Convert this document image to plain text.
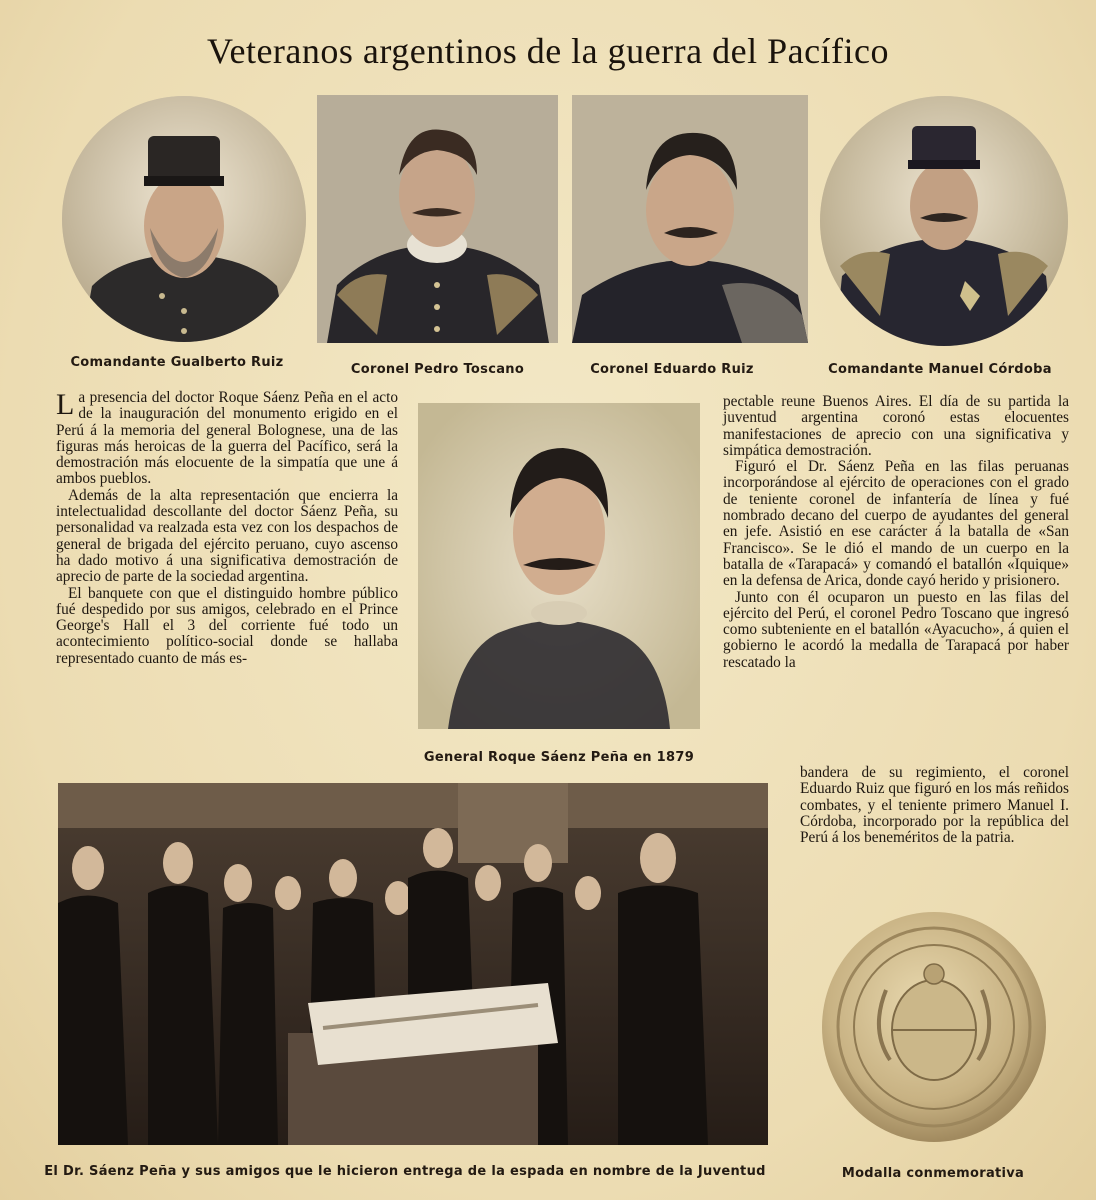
Veteranos argentinos de la guerra del Pacífico
Comandante Gualberto Ruiz	Coronel Pedro Toscano	Coronel Eduardo Ruiz	Comandante Manuel Córdoba

La presencia del doctor Roque Sáenz Peña en el acto de la inauguración del monumento erigido en el Perú á la memoria del general Bolognese, una de las figuras más heroicas de la guerra del Pacífico, será la demostración más elocuente de la simpatía que une á ambos pueblos.

Además de la alta representación que encierra la intelectualidad descollante del doctor Sáenz Peña, su personalidad va realzada esta vez con los despachos de general de brigada del ejército peruano, cuyo ascenso ha dado motivo á una significativa demostración de aprecio de parte de la sociedad argentina.

El banquete con que el distinguido hombre público fué despedido por sus amigos, celebrado en el Prince George's Hall el 3 del corriente fué todo un acontecimiento político-social donde se hallaba representado cuanto de más es-

General Roque Sáenz Peña en 1879

pectable reune Buenos Aires. El día de su partida la juventud argentina coronó estas elocuentes manifestaciones de aprecio con una significativa y simpática demostración.

Figuró el Dr. Sáenz Peña en las filas peruanas incorporándose al ejército de operaciones con el grado de teniente coronel de infantería de línea y fué nombrado decano del cuerpo de ayudantes del general en jefe. Asistió en ese carácter á la batalla de «San Francisco». Se le dió el mando de un cuerpo en la batalla de «Tarapacá» y comandó el batallón «Iquique» en la defensa de Arica, donde cayó herido y prisionero.

Junto con él ocuparon un puesto en las filas del ejército del Perú, el coronel Pedro Toscano que ingresó como subteniente en el batallón «Ayacucho», á quien el gobierno le acordó la medalla de Tarapacá por haber rescatado la

bandera de su regimiento, el coronel Eduardo Ruiz que figuró en los más reñidos combates, y el teniente primero Manuel I. Córdoba, incorporado por la república del Perú á los beneméritos de la patria.

El Dr. Sáenz Peña y sus amigos que le hicieron entrega de la espada en nombre de la Juventud	Modalla conmemorativa
